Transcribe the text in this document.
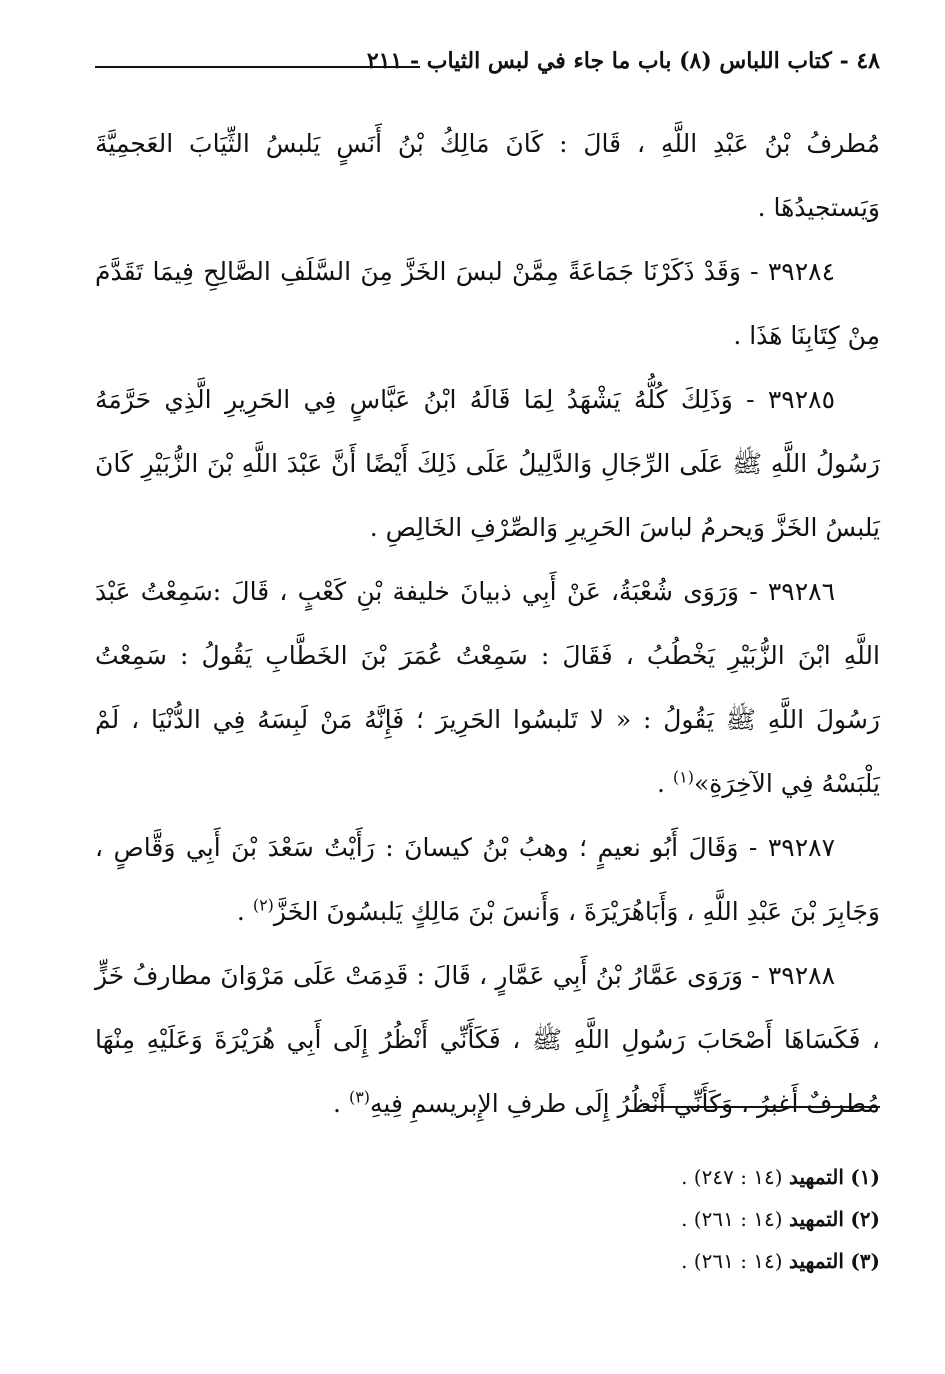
٤٨ - كتاب اللباس (٨) باب ما جاء في لبس الثياب - ٢١١

مُطرفُ بْنُ عَبْدِ اللَّهِ ، قَالَ : كَانَ مَالِكُ بْنُ أَنَسٍ يَلبسُ الثِّيَابَ العَجمِيَّةَ وَيَستجيدُهَا .

٣٩٢٨٤ - وَقَدْ ذَكَرْنَا جَمَاعَةً مِمَّنْ لبسَ الخَزَّ مِنَ السَّلَفِ الصَّالِحِ فِيمَا تَقَدَّمَ مِنْ كِتَابِنَا هَذَا .

٣٩٢٨٥ - وَذَلِكَ كُلُّهُ يَشْهَدُ لِمَا قَالَهُ ابْنُ عَبَّاسٍ فِي الحَرِيرِ الَّذِي حَرَّمَهُ رَسُولُ اللَّهِ ﷺ عَلَى الرِّجَالِ وَالدَّلِيلُ عَلَى ذَلِكَ أَيْضًا أَنَّ عَبْدَ اللَّهِ بْنَ الزُّبَيْرِ كَانَ يَلبسُ الخَزَّ وَيحرمُ لباسَ الحَرِيرِ وَالصِّرْفِ الخَالِصِ .

٣٩٢٨٦ - وَرَوَى شُعْبَةُ، عَنْ أَبِي ذبيانَ خليفة بْنِ كَعْبٍ ، قَالَ :سَمِعْتُ عَبْدَ اللَّهِ ابْنَ الزُّبَيْرِ يَخْطُبُ ، فَقَالَ : سَمِعْتُ عُمَرَ بْنَ الخَطَّابِ يَقُولُ : سَمِعْتُ رَسُولَ اللَّهِ ﷺ يَقُولُ : « لا تَلبسُوا الحَرِيرَ ؛ فَإِنَّهُ مَنْ لَبِسَهُ فِي الدُّنْيَا ، لَمْ يَلْبَسْهُ فِي الآخِرَةِ»$^{(١)}$ .

٣٩٢٨٧ - وَقَالَ أَبُو نعيمٍ ؛ وهبُ بْنُ كيسانَ : رَأَيْتُ سَعْدَ بْنَ أَبِي وَقَّاصٍ ، وَجَابِرَ بْنَ عَبْدِ اللَّهِ ، وَأَبَاهُرَيْرَةَ ، وَأَنسَ بْنَ مَالِكٍ يَلبسُونَ الخَزَّ$^{(٢)}$ .

٣٩٢٨٨ - وَرَوَى عَمَّارُ بْنُ أَبِي عَمَّارٍ ، قَالَ : قَدِمَتْ عَلَى مَرْوَانَ مطارفُ خَزٍّ ، فَكَسَاهَا أَصْحَابَ رَسُولِ اللَّهِ ﷺ ، فَكَأَنِّي أَنْظُرُ إِلَى أَبِي هُرَيْرَةَ وَعَلَيْهِ مِنْهَا مُطرفٌ أَغبرُ ، وَكَأَنِّي أَنْظُرُ إِلَى طرفِ الإِبريسمِ فِيهِ$^{(٣)}$ .

(١) التمهيد (١٤ : ٢٤٧) .

(٢) التمهيد (١٤ : ٢٦١) .

(٣) التمهيد (١٤ : ٢٦١) .
